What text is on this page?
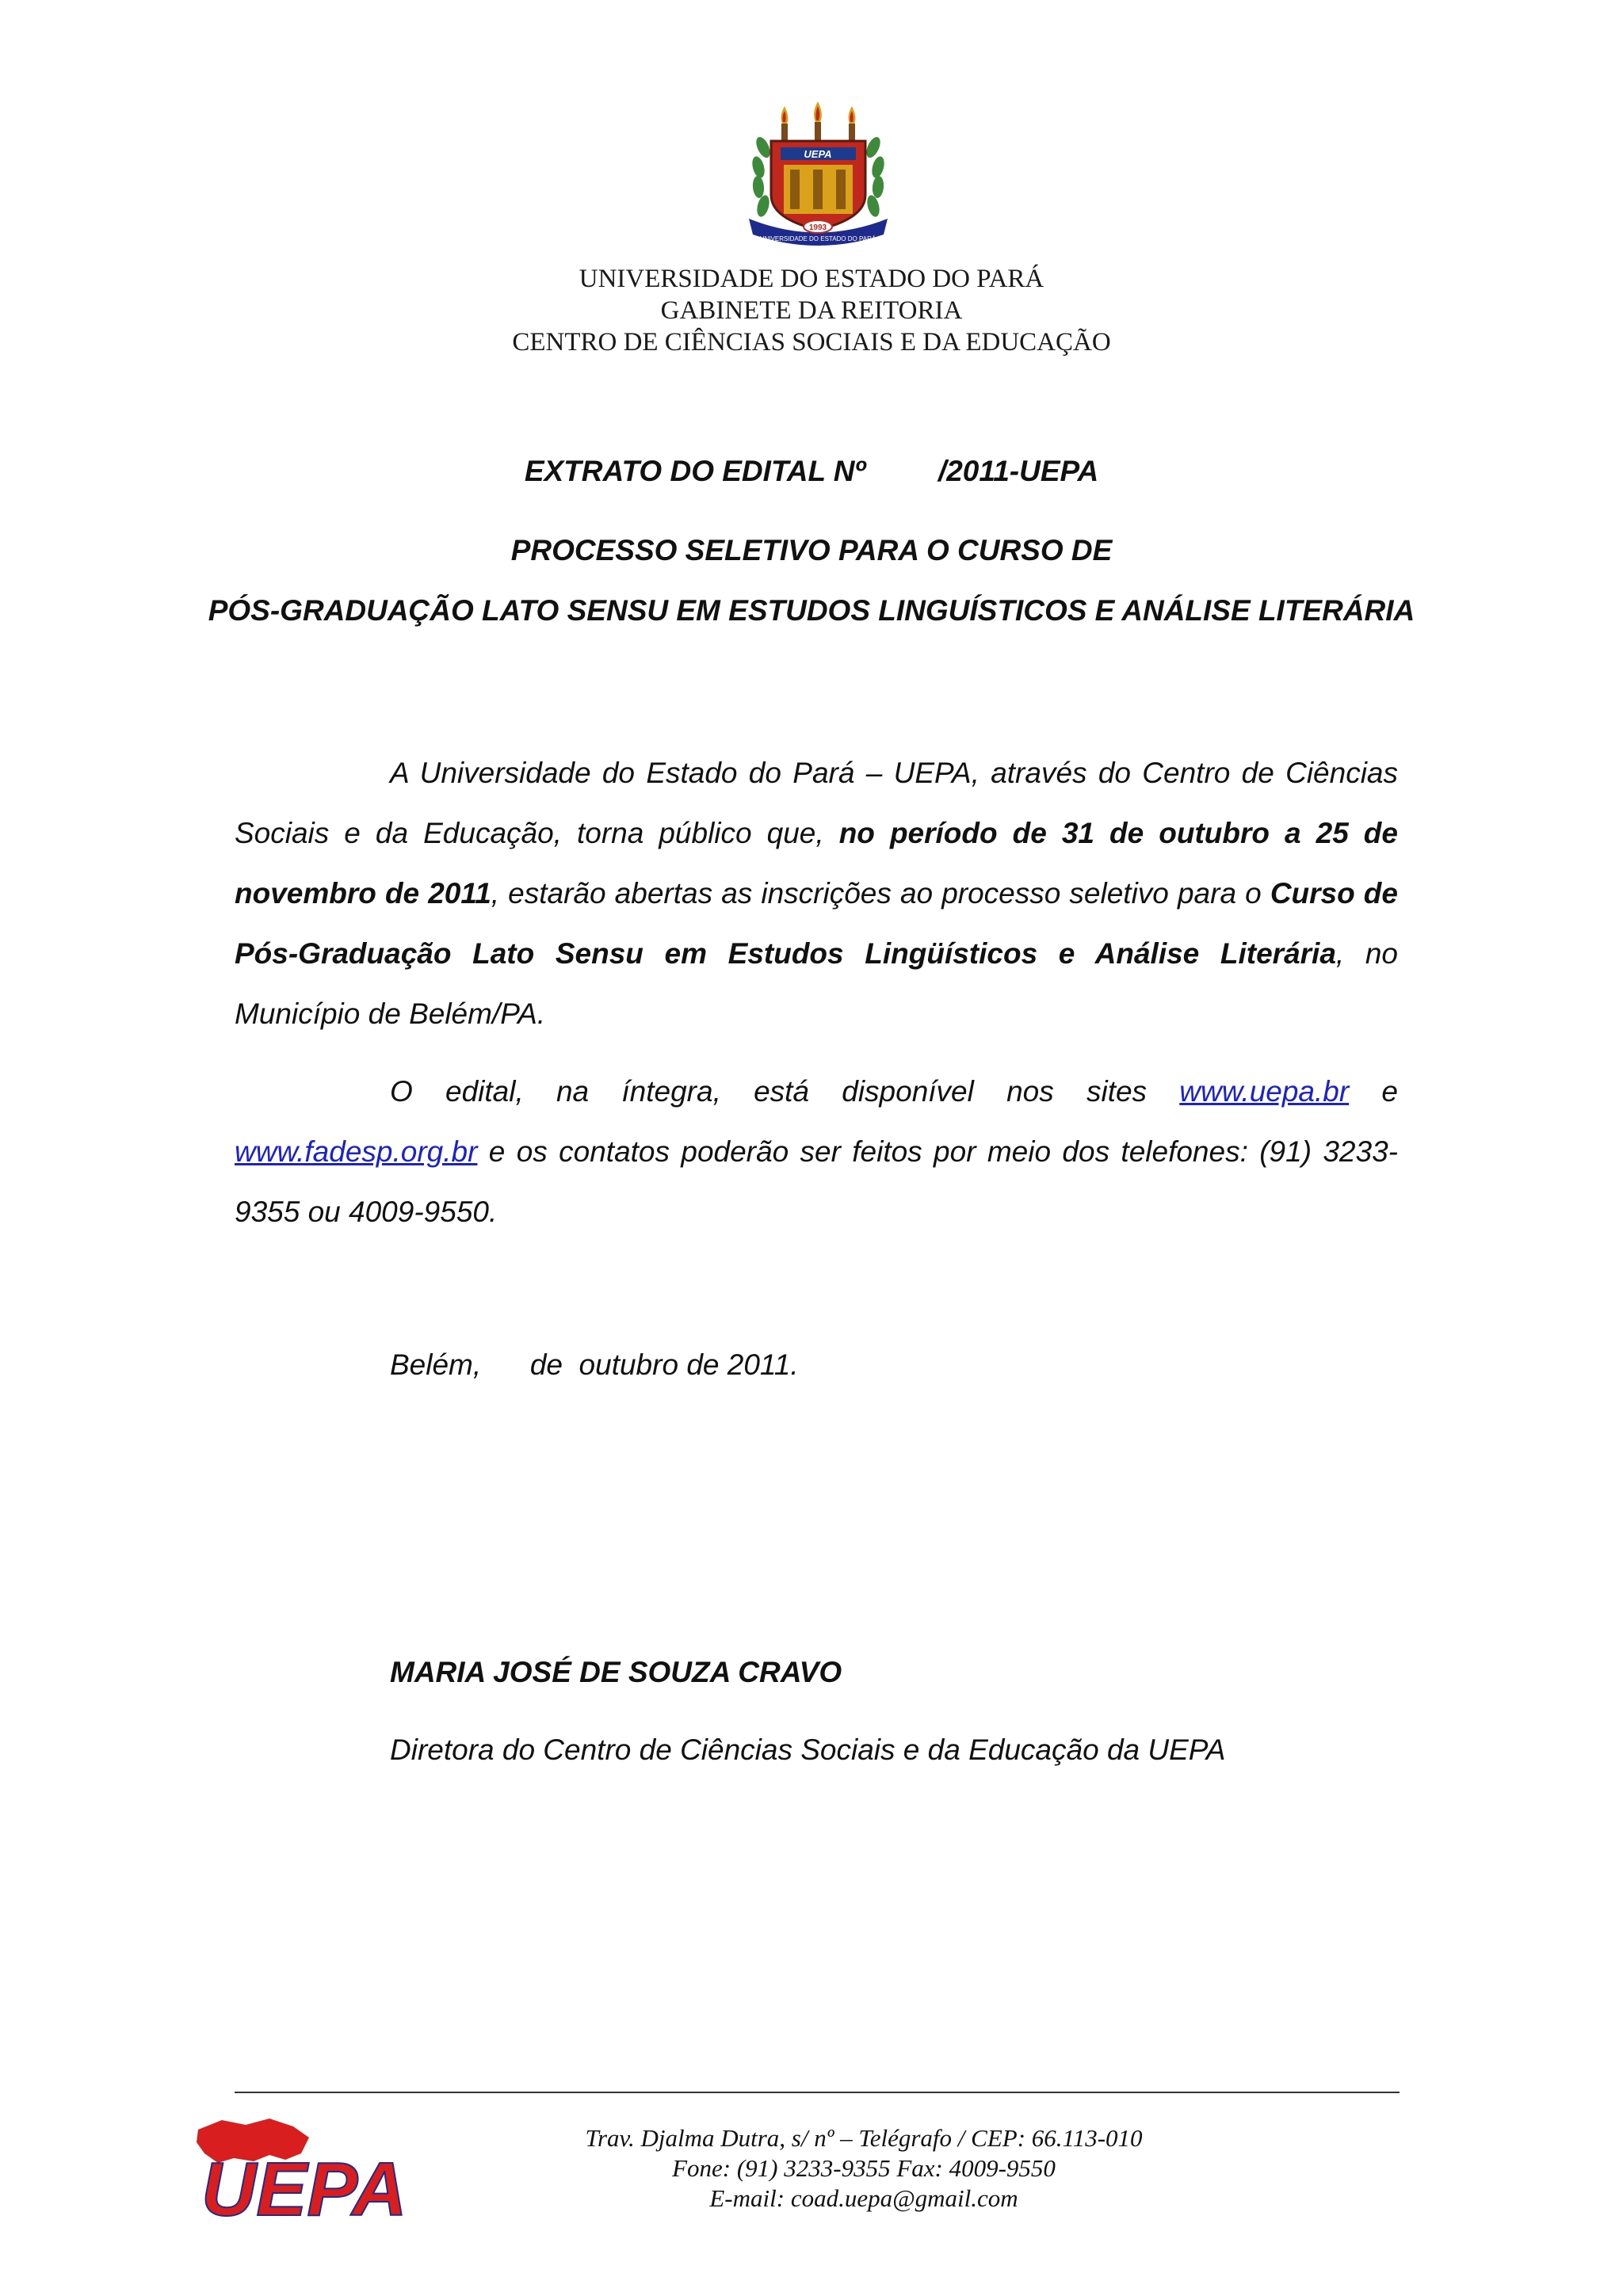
UEPA
UNIVERSIDADE DO ESTADO DO PARÁ
1993
UNIVERSIDADE DO ESTADO DO PARÁ
GABINETE DA REITORIA
CENTRO DE CIÊNCIAS SOCIAIS E DA EDUCAÇÃO
EXTRATO DO EDITAL Nº /2011-UEPA
PROCESSO SELETIVO PARA O CURSO DE
PÓS-GRADUAÇÃO LATO SENSU EM ESTUDOS LINGUÍSTICOS E ANÁLISE LITERÁRIA

A Universidade do Estado do Pará – UEPA, através do Centro de Ciências Sociais e da Educação, torna público que, no período de 31 de outubro a 25 de novembro de 2011, estarão abertas as inscrições ao processo seletivo para o Curso de Pós-Graduação Lato Sensu em Estudos Lingüísticos e Análise Literária, no Município de Belém/PA.

O edital, na íntegra, está disponível nos sites www.uepa.br e www.fadesp.org.br e os contatos poderão ser feitos por meio dos telefones: (91) 3233-9355 ou 4009-9550.

Belém,      de  outubro de 2011.
MARIA JOSÉ DE SOUZA CRAVO
Diretora do Centro de Ciências Sociais e da Educação da UEPA
UEPA
Trav. Djalma Dutra, s/ nº – Telégrafo / CEP: 66.113-010
Fone: (91) 3233-9355 Fax: 4009-9550
E-mail: coad.uepa@gmail.com
